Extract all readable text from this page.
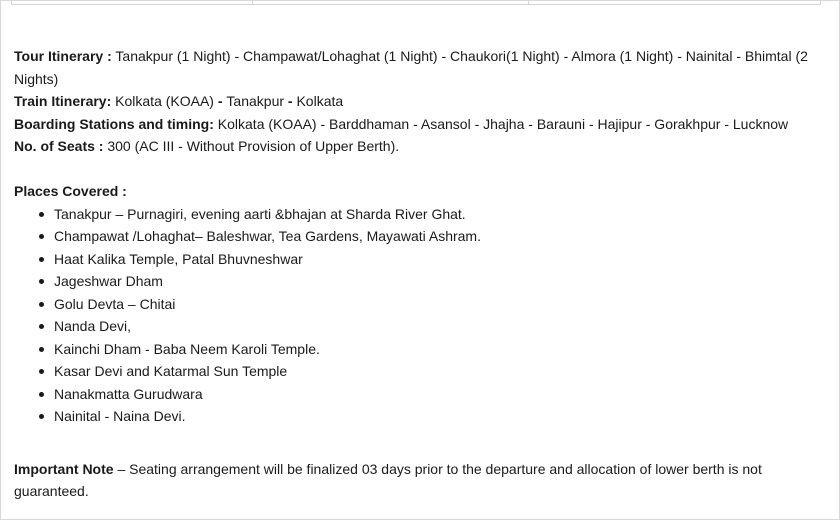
Tour Itinerary : Tanakpur (1 Night) - Champawat/Lohaghat (1 Night) - Chaukori(1 Night) - Almora (1 Night) - Nainital - Bhimtal (2 Nights)
Train Itinerary: Kolkata (KOAA) - Tanakpur - Kolkata
Boarding Stations and timing: Kolkata (KOAA) - Barddhaman - Asansol - Jhajha - Barauni - Hajipur - Gorakhpur - Lucknow
No. of Seats : 300 (AC III - Without Provision of Upper Berth).
Places Covered :
Tanakpur – Purnagiri, evening aarti &bhajan at Sharda River Ghat.
Champawat /Lohaghat– Baleshwar, Tea Gardens, Mayawati Ashram.
Haat Kalika Temple, Patal Bhuvneshwar
Jageshwar Dham
Golu Devta – Chitai
Nanda Devi,
Kainchi Dham - Baba Neem Karoli Temple.
Kasar Devi and Katarmal Sun Temple
Nanakmatta Gurudwara
Nainital - Naina Devi.
Important Note – Seating arrangement will be finalized 03 days prior to the departure and allocation of lower berth is not guaranteed.
